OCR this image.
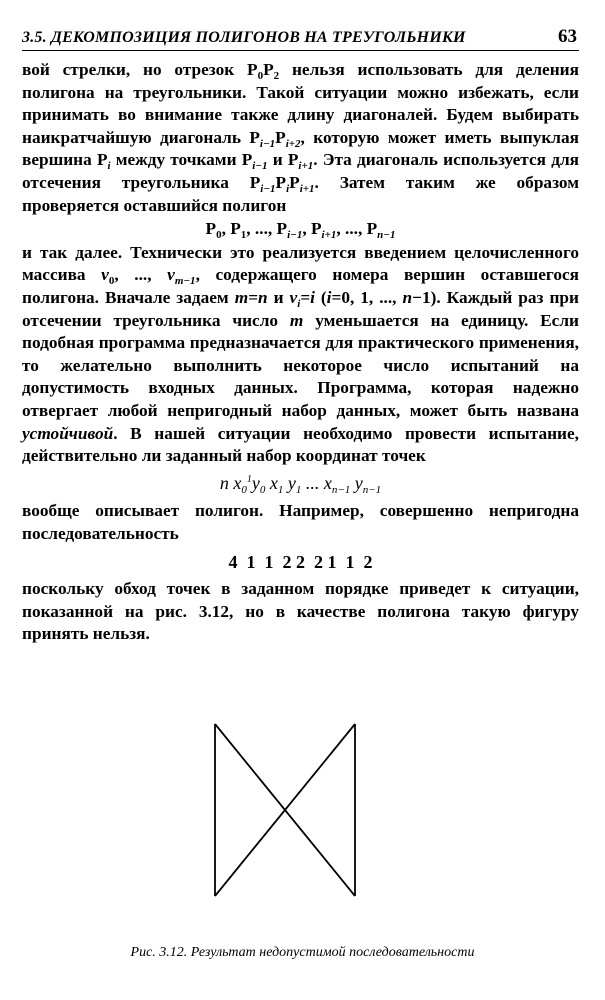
3.5. ДЕКОМПОЗИЦИЯ ПОЛИГОНОВ НА ТРЕУГОЛЬНИКИ	63

вой стрелки, но отрезок $P_0P_2$ нельзя использовать для деления полигона на треугольники. Такой ситуации можно избежать, если принимать во внимание также длину диагоналей. Будем выбирать наикратчайшую диагональ $P_{i-1}P_{i+2}$, которую может иметь выпуклая вершина $P_i$ между точками $P_{i-1}$ и $P_{i+1}$. Эта диагональ используется для отсечения треугольника $P_{i-1}P_iP_{i+1}$. Затем таким же образом проверяется оставшийся полигон

$P_0$, $P_1$, ..., $P_{i-1}$, $P_{i+1}$, ..., $P_{n-1}$

и так далее. Технически это реализуется введением целочисленного массива $v_0$, ..., $v_{m-1}$, содержащего номера вершин оставшегося полигона. Вначале задаем m=n и $v_i=i$ (i=0, 1, ..., n−1). Каждый раз при отсечении треугольника число m уменьшается на единицу. Если подобная программа предназначается для практического применения, то желательно выполнить некоторое число испытаний на допустимость входных данных. Программа, которая надежно отвергает любой непригодный набор данных, может быть названа устойчивой. В нашей ситуации необходимо провести испытание, действительно ли заданный набор координат точек

n $x_0^1y_0$ $x_1$ $y_1$ ... $x_{n-1}$ $y_{n-1}$

вообще описывает полигон. Например, совершенно непригодна последовательность

4  1  1  2 2  2 1  1  2

поскольку обход точек в заданном порядке приведет к ситуации, показанной на рис. 3.12, но в качестве полигона такую фигуру принять нельзя.

Рис. 3.12. Результат недопустимой последовательности
